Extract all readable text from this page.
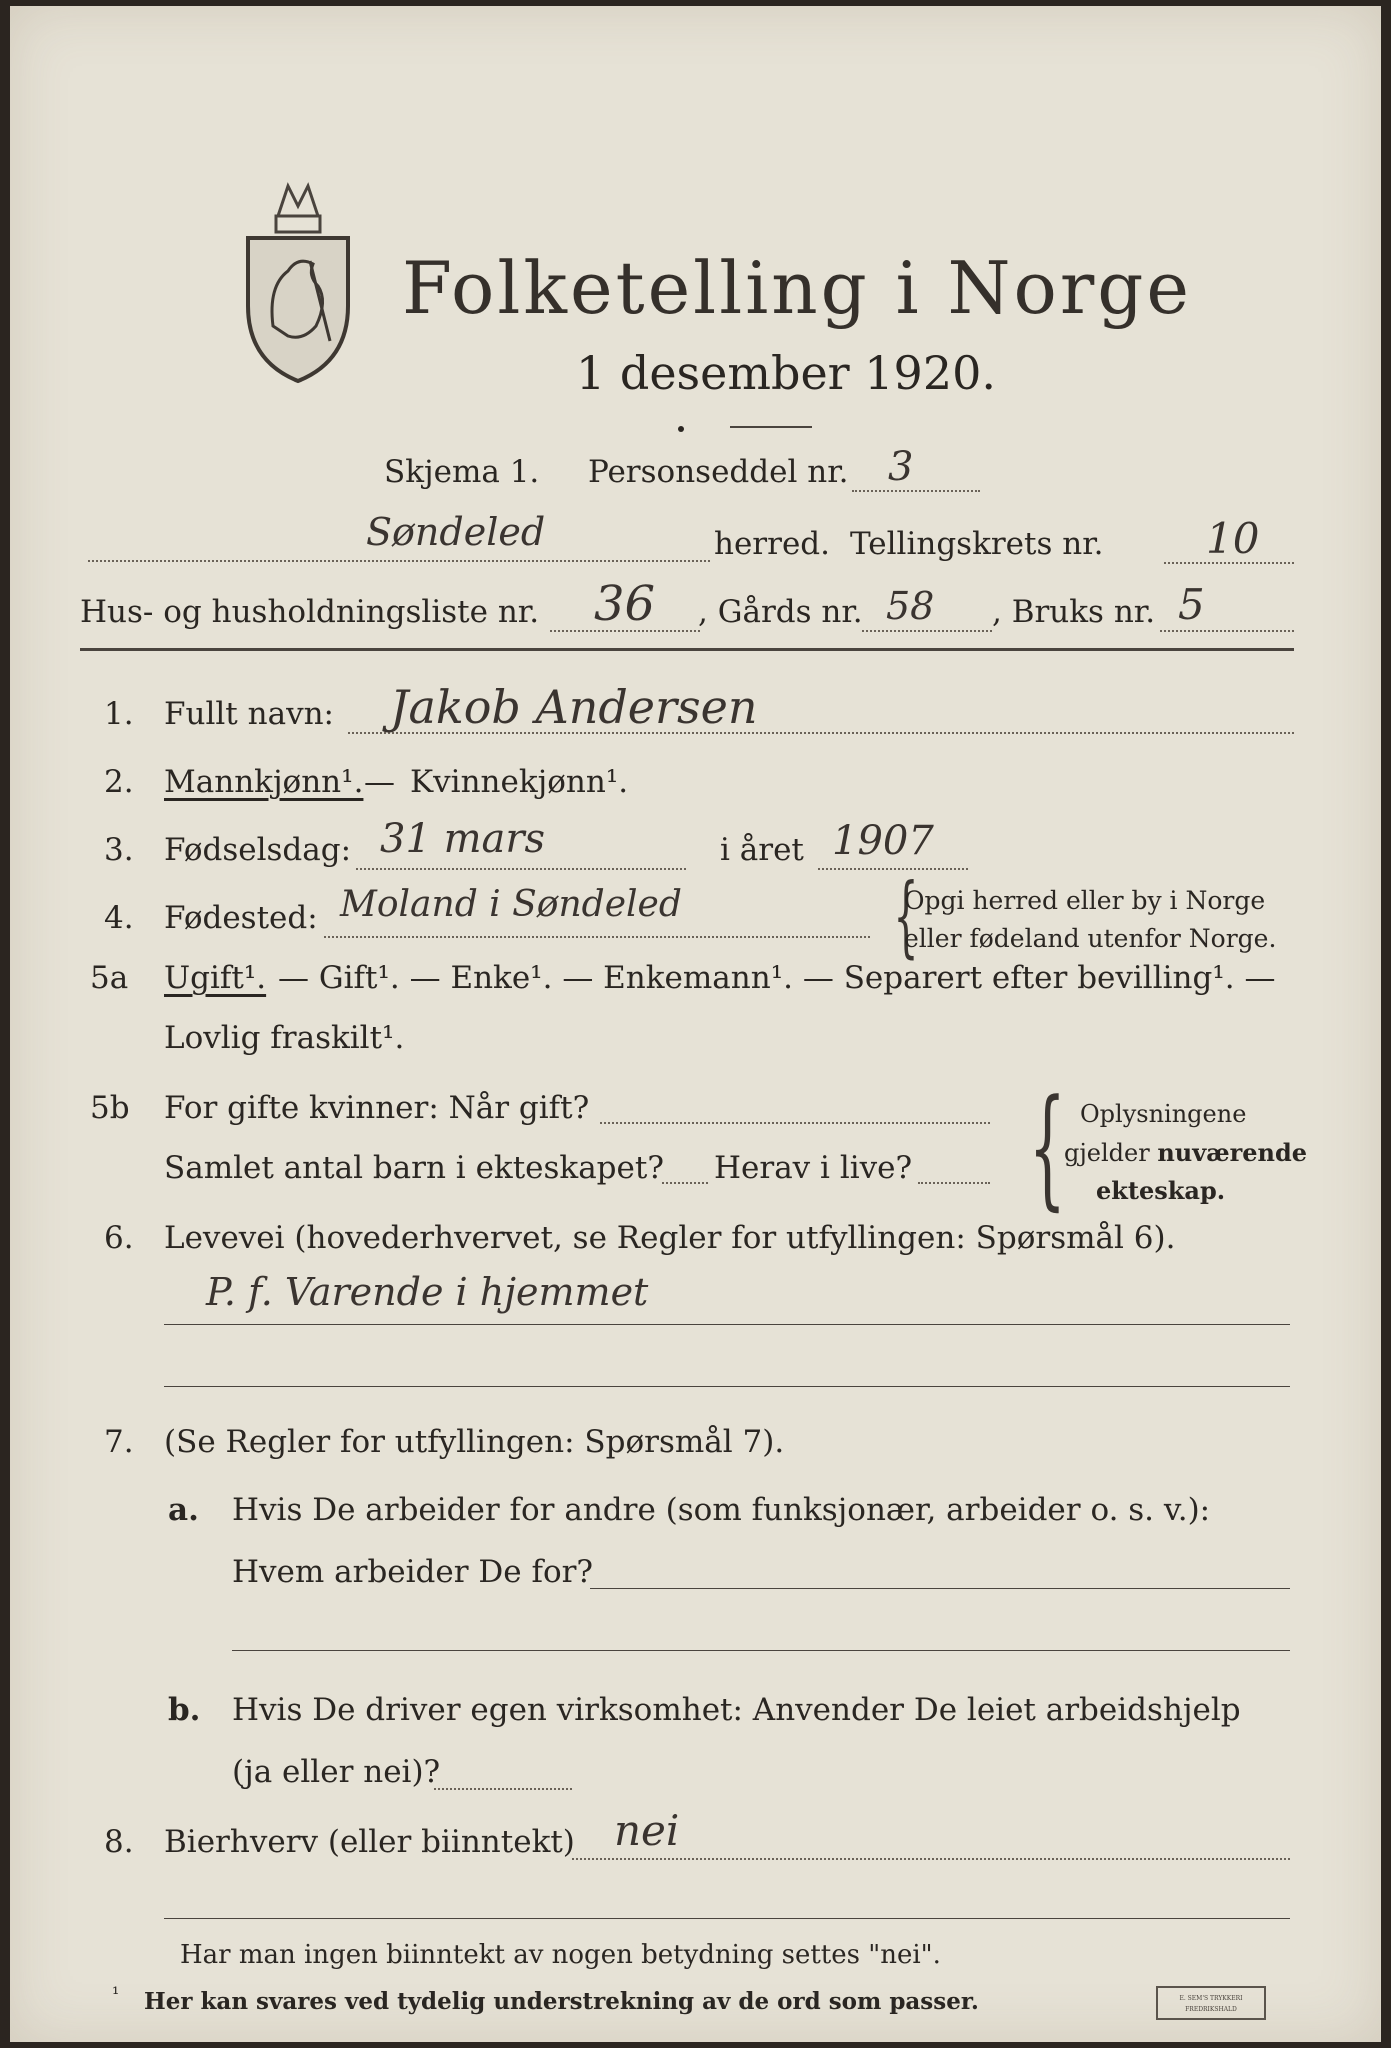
Folketelling i Norge
1 desember 1920.
Skjema 1. Personseddel nr. 3
Søndeled	herred. Tellingskrets nr. 10
Hus- og husholdningsliste nr. 36 , Gårds nr. 58 , Bruks nr. 5
1. Fullt navn: Jakob Andersen
2. Mannkjønn¹. — Kvinnekjønn¹.
3. Fødselsdag: 31 mars	i året 1907
4. Fødested: Moland i Søndeled {
Opgi herred eller by i Norge
eller fødeland utenfor Norge.
5a Ugift¹. — Gift¹. — Enke¹. — Enkemann¹. — Separert efter bevilling¹. —
Lovlig fraskilt¹.
5b For gifte kvinner: Når gift?
Samlet antal barn i ekteskapet? Herav i live? { Oplysningene
gjelder nuværende
ekteskap.
6. Levevei (hovederhvervet, se Regler for utfyllingen: Spørsmål 6).
P. f. Varende i hjemmet
7. (Se Regler for utfyllingen: Spørsmål 7).
a. Hvis De arbeider for andre (som funksjonær, arbeider o. s. v.):
Hvem arbeider De for?
b. Hvis De driver egen virksomhet: Anvender De leiet arbeidshjelp
(ja eller nei)?
8. Bierhverv (eller biinntekt) nei
Har man ingen biinntekt av nogen betydning settes "nei".
¹ Her kan svares ved tydelig understrekning av de ord som passer.	E. SEM'S TRYKKERI FREDRIKSHALD
